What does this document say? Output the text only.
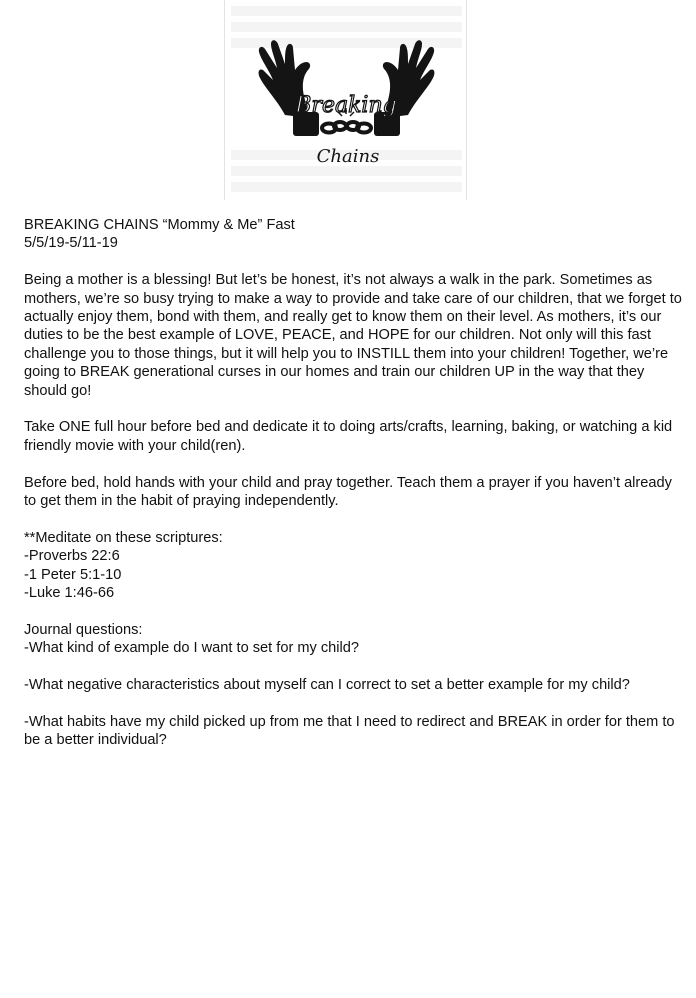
Breaking
Chains

BREAKING CHAINS “Mommy & Me” Fast
5/5/19-5/11-19

Being a mother is a blessing! But let’s be honest, it’s not always a walk in the park. Sometimes as mothers, we’re so busy trying to make a way to provide and take care of our children, that we forget to actually enjoy them, bond with them, and really get to know them on their level. As mothers, it’s our duties to be the best example of LOVE, PEACE, and HOPE for our children. Not only will this fast challenge you to those things, but it will help you to INSTILL them into your children! Together, we’re going to BREAK generational curses in our homes and train our children UP in the way that they should go!

Take ONE full hour before bed and dedicate it to doing arts/crafts, learning, baking, or watching a kid friendly movie with your child(ren).

Before bed, hold hands with your child and pray together. Teach them a prayer if you haven’t already to get them in the habit of praying independently.

**Meditate on these scriptures:
-Proverbs 22:6
-1 Peter 5:1-10
-Luke 1:46-66

Journal questions:
-What kind of example do I want to set for my child?

-What negative characteristics about myself can I correct to set a better example for my child?

-What habits have my child picked up from me that I need to redirect and BREAK in order for them to be a better individual?
